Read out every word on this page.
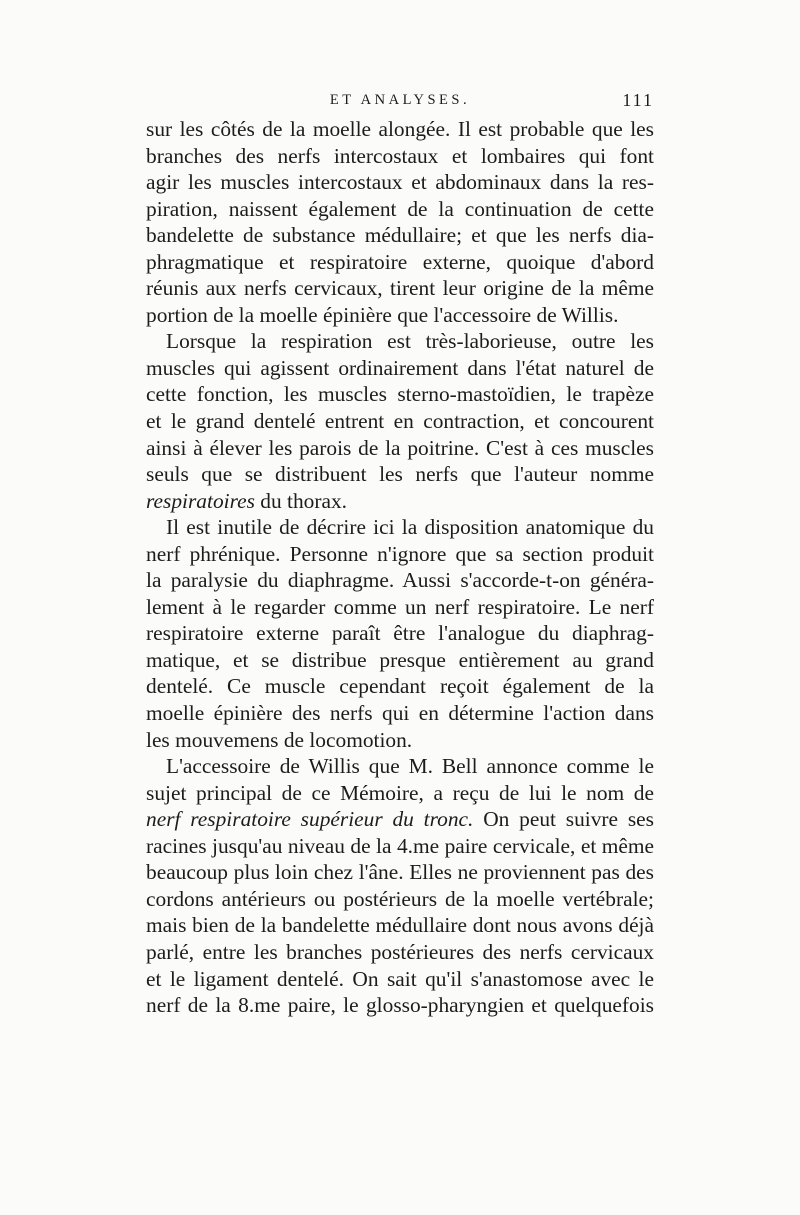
ET ANALYSES.	111
sur les côtés de la moelle alongée. Il est probable que les
branches des nerfs intercostaux et lombaires qui font
agir les muscles intercostaux et abdominaux dans la res-
piration, naissent également de la continuation de cette
bandelette de substance médullaire; et que les nerfs dia-
phragmatique et respiratoire externe, quoique d'abord
réunis aux nerfs cervicaux, tirent leur origine de la même
portion de la moelle épinière que l'accessoire de Willis.
Lorsque la respiration est très-laborieuse, outre les
muscles qui agissent ordinairement dans l'état naturel de
cette fonction, les muscles sterno-mastoïdien, le trapèze
et le grand dentelé entrent en contraction, et concourent
ainsi à élever les parois de la poitrine. C'est à ces muscles
seuls que se distribuent les nerfs que l'auteur nomme
respiratoires du thorax.
Il est inutile de décrire ici la disposition anatomique du
nerf phrénique. Personne n'ignore que sa section produit
la paralysie du diaphragme. Aussi s'accorde-t-on généra-
lement à le regarder comme un nerf respiratoire. Le nerf
respiratoire externe paraît être l'analogue du diaphrag-
matique, et se distribue presque entièrement au grand
dentelé. Ce muscle cependant reçoit également de la
moelle épinière des nerfs qui en détermine l'action dans
les mouvemens de locomotion.
L'accessoire de Willis que M. Bell annonce comme le
sujet principal de ce Mémoire, a reçu de lui le nom de
nerf respiratoire supérieur du tronc. On peut suivre ses
racines jusqu'au niveau de la 4.me paire cervicale, et même
beaucoup plus loin chez l'âne. Elles ne proviennent pas des
cordons antérieurs ou postérieurs de la moelle vertébrale;
mais bien de la bandelette médullaire dont nous avons déjà
parlé, entre les branches postérieures des nerfs cervicaux
et le ligament dentelé. On sait qu'il s'anastomose avec le
nerf de la 8.me paire, le glosso-pharyngien et quelquefois
